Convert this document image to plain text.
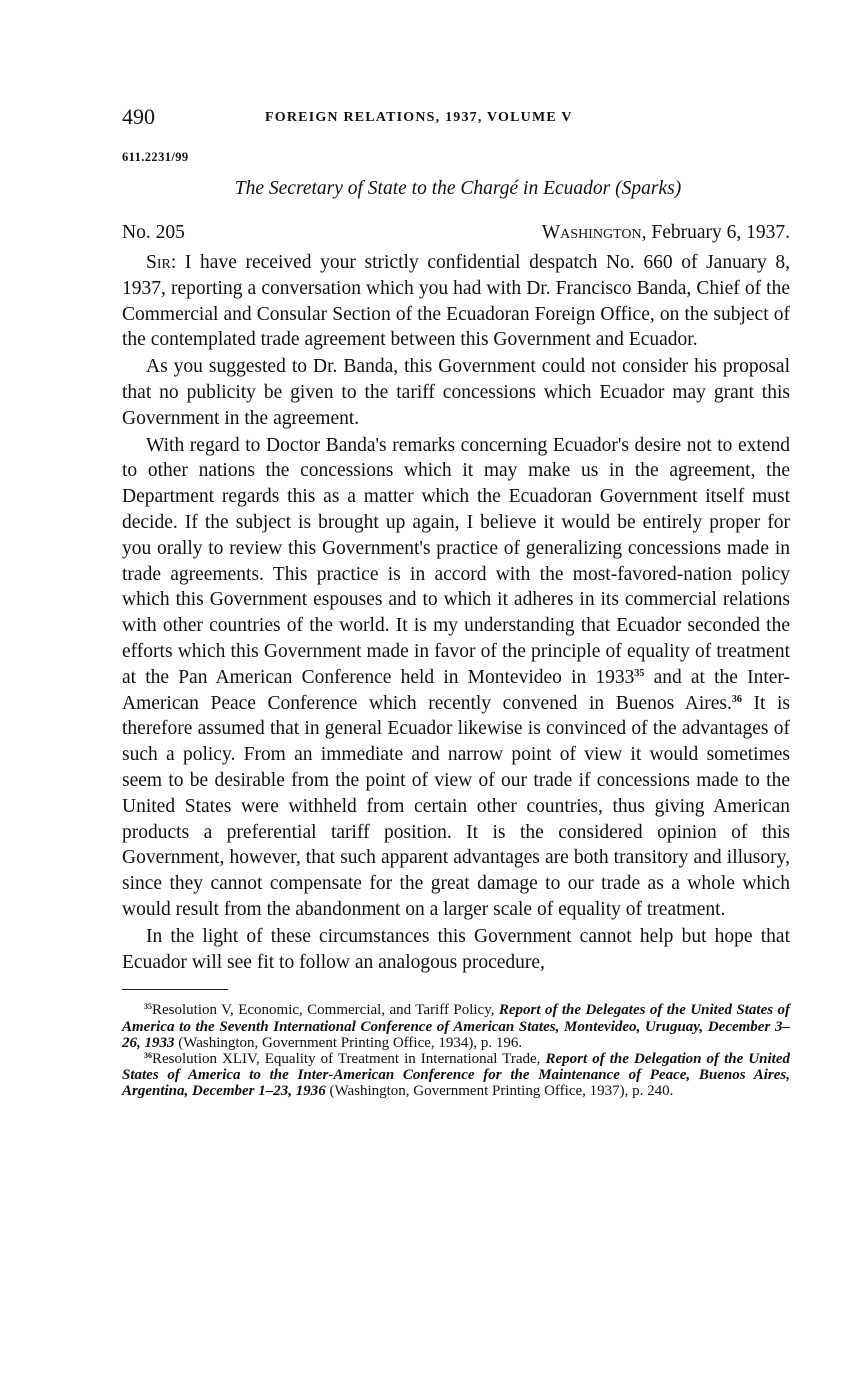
490	FOREIGN RELATIONS, 1937, VOLUME V
611.2231/99
The Secretary of State to the Chargé in Ecuador (Sparks)
No. 205	Washington, February 6, 1937.

Sir: I have received your strictly confidential despatch No. 660 of January 8, 1937, reporting a conversation which you had with Dr. Francisco Banda, Chief of the Commercial and Consular Section of the Ecuadoran Foreign Office, on the subject of the contemplated trade agreement between this Government and Ecuador.

As you suggested to Dr. Banda, this Government could not consider his proposal that no publicity be given to the tariff concessions which Ecuador may grant this Government in the agreement.

With regard to Doctor Banda's remarks concerning Ecuador's desire not to extend to other nations the concessions which it may make us in the agreement, the Department regards this as a matter which the Ecuadoran Government itself must decide. If the subject is brought up again, I believe it would be entirely proper for you orally to review this Government's practice of generalizing concessions made in trade agreements. This practice is in accord with the most-favored-nation policy which this Government espouses and to which it adheres in its commercial relations with other countries of the world. It is my understanding that Ecuador seconded the efforts which this Government made in favor of the principle of equality of treatment at the Pan American Conference held in Montevideo in 1933$^{35}$ and at the Inter-American Peace Conference which recently convened in Buenos Aires.$^{36}$ It is therefore assumed that in general Ecuador likewise is convinced of the advantages of such a policy. From an immediate and narrow point of view it would sometimes seem to be desirable from the point of view of our trade if concessions made to the United States were withheld from certain other countries, thus giving American products a preferential tariff position. It is the considered opinion of this Government, however, that such apparent advantages are both transitory and illusory, since they cannot compensate for the great damage to our trade as a whole which would result from the abandonment on a larger scale of equality of treatment.

In the light of these circumstances this Government cannot help but hope that Ecuador will see fit to follow an analogous procedure,

$^{35}$Resolution V, Economic, Commercial, and Tariff Policy, Report of the Delegates of the United States of America to the Seventh International Conference of American States, Montevideo, Uruguay, December 3–26, 1933 (Washington, Government Printing Office, 1934), p. 196.

$^{36}$Resolution XLIV, Equality of Treatment in International Trade, Report of the Delegation of the United States of America to the Inter-American Conference for the Maintenance of Peace, Buenos Aires, Argentina, December 1–23, 1936 (Washington, Government Printing Office, 1937), p. 240.
